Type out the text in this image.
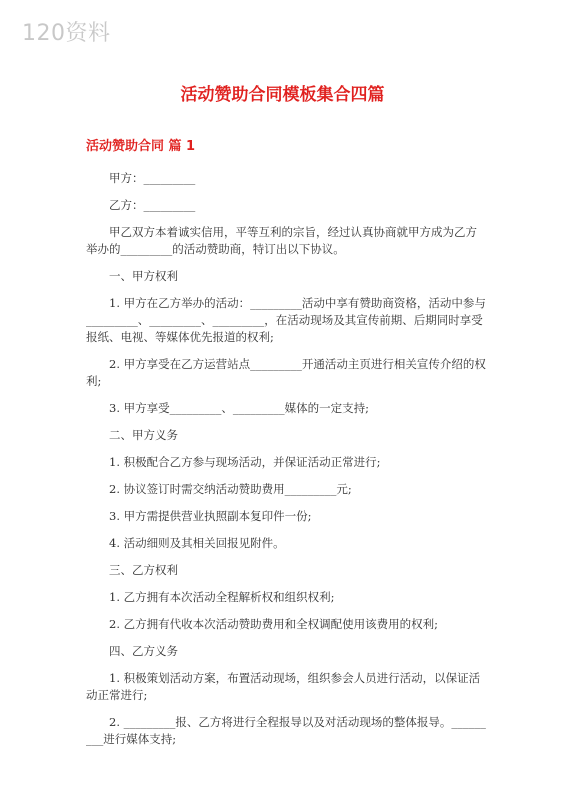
120资料
活动赞助合同模板集合四篇
活动赞助合同 篇 1

甲方：_________

乙方：_________

甲乙双方本着诚实信用，平等互利的宗旨，经过认真协商就甲方成为乙方举办的_________的活动赞助商，特订出以下协议。

一、甲方权利

1. 甲方在乙方举办的活动：_________活动中享有赞助商资格，活动中参与_________、_________、_________，在活动现场及其宣传前期、后期同时享受报纸、电视、等媒体优先报道的权利;

2. 甲方享受在乙方运营站点_________开通活动主页进行相关宣传介绍的权利;

3. 甲方享受_________、_________媒体的一定支持;

二、甲方义务

1. 积极配合乙方参与现场活动，并保证活动正常进行;

2. 协议签订时需交纳活动赞助费用_________元;

3. 甲方需提供营业执照副本复印件一份;

4. 活动细则及其相关回报见附件。

三、乙方权利

1. 乙方拥有本次活动全程解析权和组织权利;

2. 乙方拥有代收本次活动赞助费用和全权调配使用该费用的权利;

四、乙方义务

1. 积极策划活动方案，布置活动现场，组织参会人员进行活动，以保证活动正常进行;

2. _________报、乙方将进行全程报导以及对活动现场的整体报导。_________进行媒体支持;
